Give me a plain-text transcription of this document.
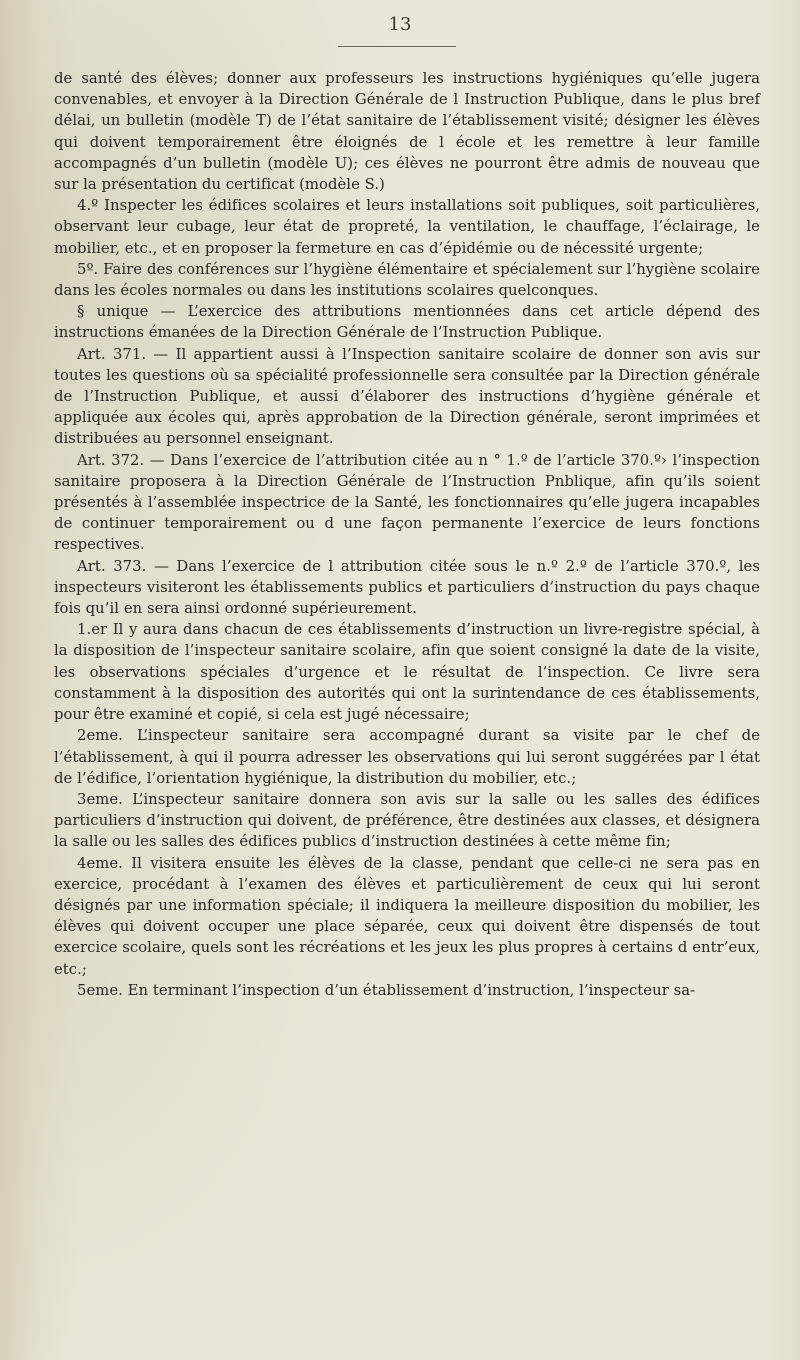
13

de santé des élèves; donner aux professeurs les instructions hygiéniques qu’elle jugera convenables, et envoyer à la Direction Générale de l Instruction Publique, dans le plus bref délai, un bulletin (modèle T) de l’état sanitaire de l’établissement visité; désigner les élèves qui doivent temporairement être éloignés de l école et les remettre à leur famille accompagnés d’un bulletin (modèle U); ces élèves ne pourront être admis de nouveau que sur la présentation du certificat (modèle S.)

4.º Inspecter les édifices scolaires et leurs installations soit publiques, soit particulières, observant leur cubage, leur état de propreté, la ventilation, le chauffage, l’éclairage, le mobilier, etc., et en proposer la fermeture en cas d’épidémie ou de nécessité urgente;

5º. Faire des conférences sur l’hygiène élémentaire et spécialement sur l’hygiène scolaire dans les écoles normales ou dans les institutions scolaires quelconques.

§ unique — L’exercice des attributions mentionnées dans cet article dépend des instructions émanées de la Direction Générale de l’Instruction Publique.

Art. 371. — Il appartient aussi à l’Inspection sanitaire scolaire de donner son avis sur toutes les questions où sa spécialité professionnelle sera consultée par la Direction générale de l’Instruction Publique, et aussi d’élaborer des instructions d’hygiène générale et appliquée aux écoles qui, après approbation de la Direction générale, seront imprimées et distribuées au personnel enseignant.

Art. 372. — Dans l’exercice de l’attribution citée au n ° 1.º de l’article 370.º› l’inspection sanitaire proposera à la Direction Générale de l’Instruction Pnblique, afin qu’ils soient présentés à l’assemblée inspectrice de la Santé, les fonctionnaires qu’elle jugera incapables de continuer temporairement ou d une façon permanente l’exercice de leurs fonctions respectives.

Art. 373. — Dans l’exercice de l attribution citée sous le n.º 2.º de l’article 370.º, les inspecteurs visiteront les établissements publics et particuliers d’instruction du pays chaque fois qu’il en sera ainsi ordonné supérieurement.

1.er Il y aura dans chacun de ces établissements d’instruction un livre-registre spécial, à la disposition de l’inspecteur sanitaire scolaire, afin que soient consigné la date de la visite, les observations spéciales d’urgence et le résultat de l’inspection. Ce livre sera constamment à la disposition des autorités qui ont la surintendance de ces établissements, pour être examiné et copié, si cela est jugé nécessaire;

2eme. L’inspecteur sanitaire sera accompagné durant sa visite par le chef de l’établissement, à qui il pourra adresser les observations qui lui seront suggérées par l état de l’édifice, l’orientation hygiénique, la distribution du mobilier, etc.;

3eme. L’inspecteur sanitaire donnera son avis sur la salle ou les salles des édifices particuliers d’instruction qui doivent, de préférence, être destinées aux classes, et désignera la salle ou les salles des édifices publics d’instruction destinées à cette même fin;

4eme. Il visitera ensuite les élèves de la classe, pendant que celle-ci ne sera pas en exercice, procédant à l’examen des élèves et particulièrement de ceux qui lui seront désignés par une information spéciale; il indiquera la meilleure disposition du mobilier, les élèves qui doivent occuper une place séparée, ceux qui doivent être dispensés de tout exercice scolaire, quels sont les récréations et les jeux les plus propres à certains d entr’eux, etc.;

5eme. En terminant l’inspection d’un établissement d’instruction, l’inspecteur sa-
